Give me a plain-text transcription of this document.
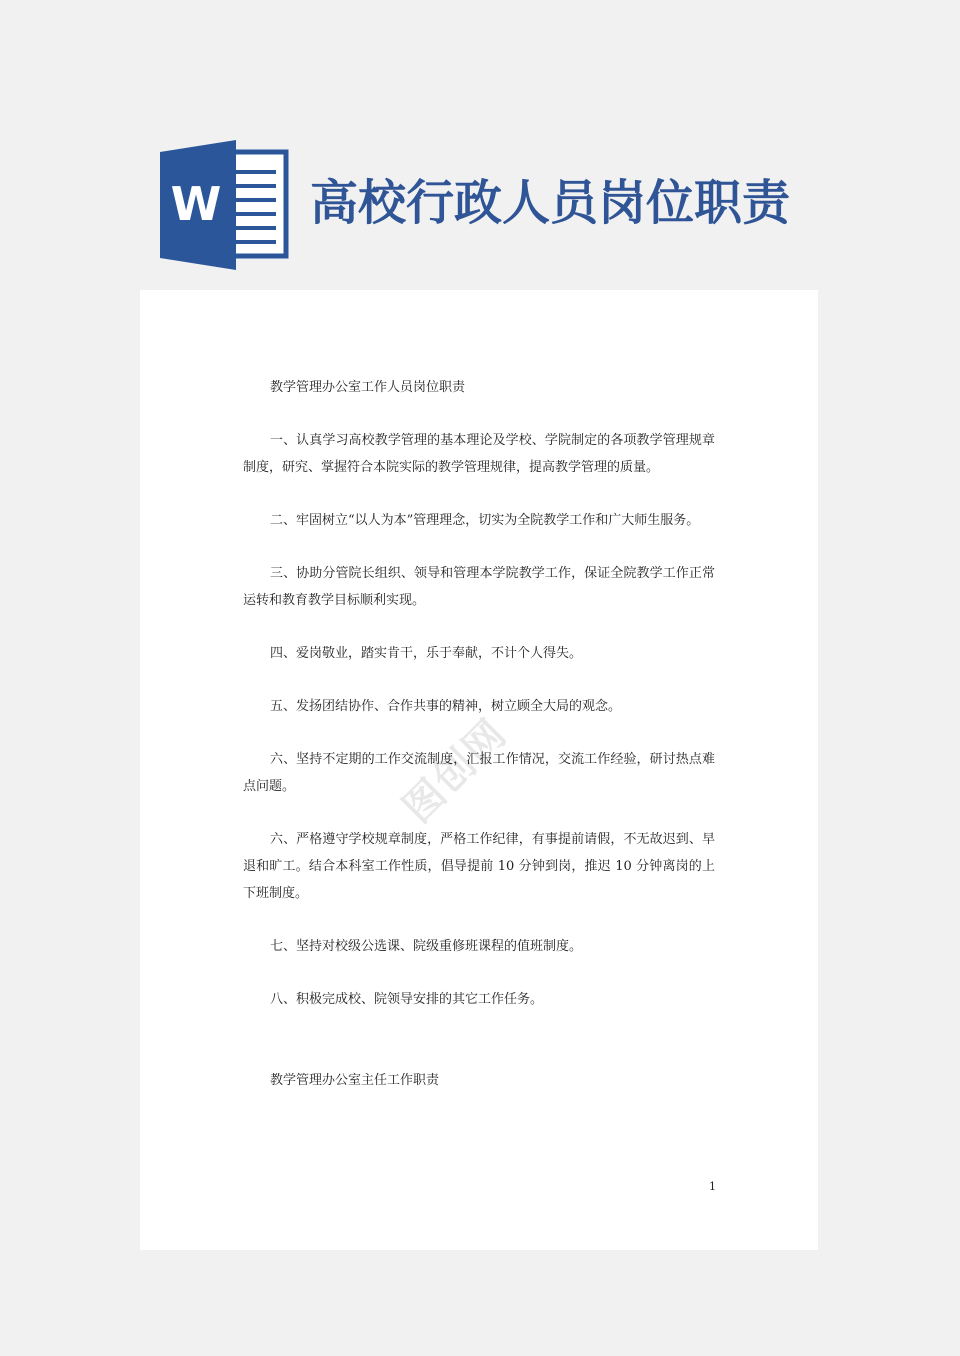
W 高校行政人员岗位职责

教学管理办公室工作人员岗位职责

一、认真学习高校教学管理的基本理论及学校、学院制定的各项教学管理规章制度，研究、掌握符合本院实际的教学管理规律，提高教学管理的质量。

二、牢固树立“以人为本”管理理念，切实为全院教学工作和广大师生服务。

三、协助分管院长组织、领导和管理本学院教学工作，保证全院教学工作正常运转和教育教学目标顺利实现。

四、爱岗敬业，踏实肯干，乐于奉献，不计个人得失。

五、发扬团结协作、合作共事的精神，树立顾全大局的观念。

六、坚持不定期的工作交流制度，汇报工作情况，交流工作经验，研讨热点难点问题。

六、严格遵守学校规章制度，严格工作纪律，有事提前请假，不无故迟到、早退和旷工。结合本科室工作性质，倡导提前 10 分钟到岗，推迟 10 分钟离岗的上下班制度。

七、坚持对校级公选课、院级重修班课程的值班制度。

八、积极完成校、院领导安排的其它工作任务。

教学管理办公室主任工作职责

1
